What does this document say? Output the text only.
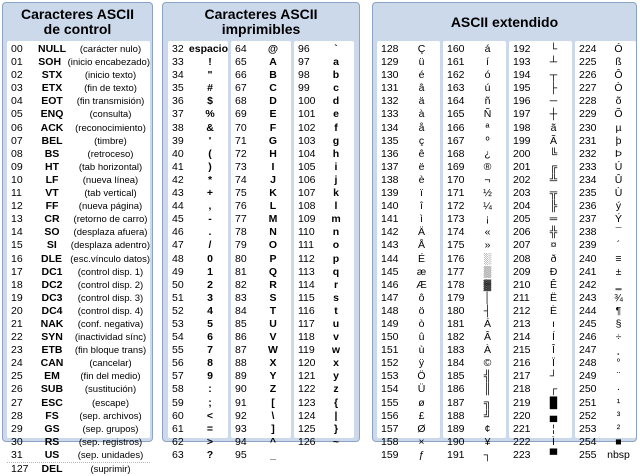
Caracteres ASCII
de control
00	NULL	(carácter nulo)
01	SOH (inicio encabezado)
02	STX	(inicio texto)
03	ETX	(fin de texto)
04	EOT	(fin transmisión)
05	ENQ	(consulta)
06	ACK	(reconocimiento)
07	BEL	(timbre)
08	BS	(retroceso)
09	HT	(tab horizontal)
10	LF	(nueva línea)
11	VT	(tab vertical)
12	FF	(nueva página)
13	CR	(retorno de carro)
14	SO	(desplaza afuera)
15	SI	(desplaza adentro)
16	DLE (esc.vínculo datos)
17	DC1	(control disp. 1)
18	DC2	(control disp. 2)
19	DC3	(control disp. 3)
20	DC4	(control disp. 4)
21	NAK	(conf. negativa)
22	SYN	(inactividad sínc)
23	ETB	(fin bloque trans)
24	CAN	(cancelar)
25	EM	(fin del medio)
26	SUB	(sustitución)
27	ESC	(escape)
28	FS	(sep. archivos)
29	GS	(sep. grupos)
30	RS	(sep. registros)
31	US	(sep. unidades)
127	DEL	(suprimir)
Caracteres ASCII
imprimibles
32 espacio
33	!
34	"
35	#
36	$
37	%
38	&
39	'
40	(
41	)
42	*
43	+
44	,
45	-
46	.
47	/
48	0
49	1
50	2
51	3
52	4
53	5
54	6
55	7
56	8
57	9
58	:
59	;
60	<
61	=
62	>
63	?
64	@
65	A
66	B
67	C
68	D
69	E
70	F
71	G
72	H
73	I
74	J
75	K
76	L
77	M
78	N
79	O
80	P
81	Q
82	R
83	S
84	T
85	U
86	V
87	W
88	X
89	Y
90	Z
91	[
92	\
93	]
94	^
95	_
96	`
97	a
98	b
99	c
100	d
101	e
102	f
103	g
104	h
105	i
106	j
107	k
108	l
109	m
110	n
111	o
112	p
113	q
114	r
115	s
116	t
117	u
118	v
119	w
120	x
121	y
122	z
123	{
124	|
125	}
126	~
ASCII extendido
128	Ç
129	ü
130	é
131	â
132	ä
133	à
134	å
135	ç
136	ê
137	ë
138	è
139	ï
140	î
141	ì
142	Ä
143	Å
144	É
145	æ
146	Æ
147	ô
148	ö
149	ò
150	û
151	ù
152	ÿ
153	Ö
154	Ü
155	ø
156	£
157	Ø
158	×
159	ƒ
160	á
161	í
162	ó
163	ú
164	ñ
165	Ñ
166	ª
167	º
168	¿
169	®
170	¬
171	½
172	¼
173	¡
174	«
175	»
176	░
177	▒
178	▓
179	│
180	┤
181	Á
182	Â
183	À
184	©
185	╣
186	║
187	╗
188	╝
189	¢
190	¥
191	┐
192	└
193	┴
194	┬
195	├
196	─
197	┼
198	ã
199	Ã
200	╚
201	╔
202	╩
203	╦
204	╠
205	═
206	╬
207	¤
208	ð
209	Ð
210	Ê
211	Ë
212	È
213	ı
214	Í
215	Î
216	Ï
217	┘
218	┌
219	█
220	▄
221	¦
222	Ì
223	▀
224	Ó
225	ß
226	Ô
227	Ò
228	õ
229	Õ
230	µ
231	þ
232	Þ
233	Ú
234	Û
235	Ù
236	ý
237	Ý
238	¯
239	´
240	≡
241	±
242	‗
243	¾
244	¶
245	§
246	÷
247	¸
248	°
249	¨
250	·
251	¹
252	³
253	²
254	■
255	nbsp
